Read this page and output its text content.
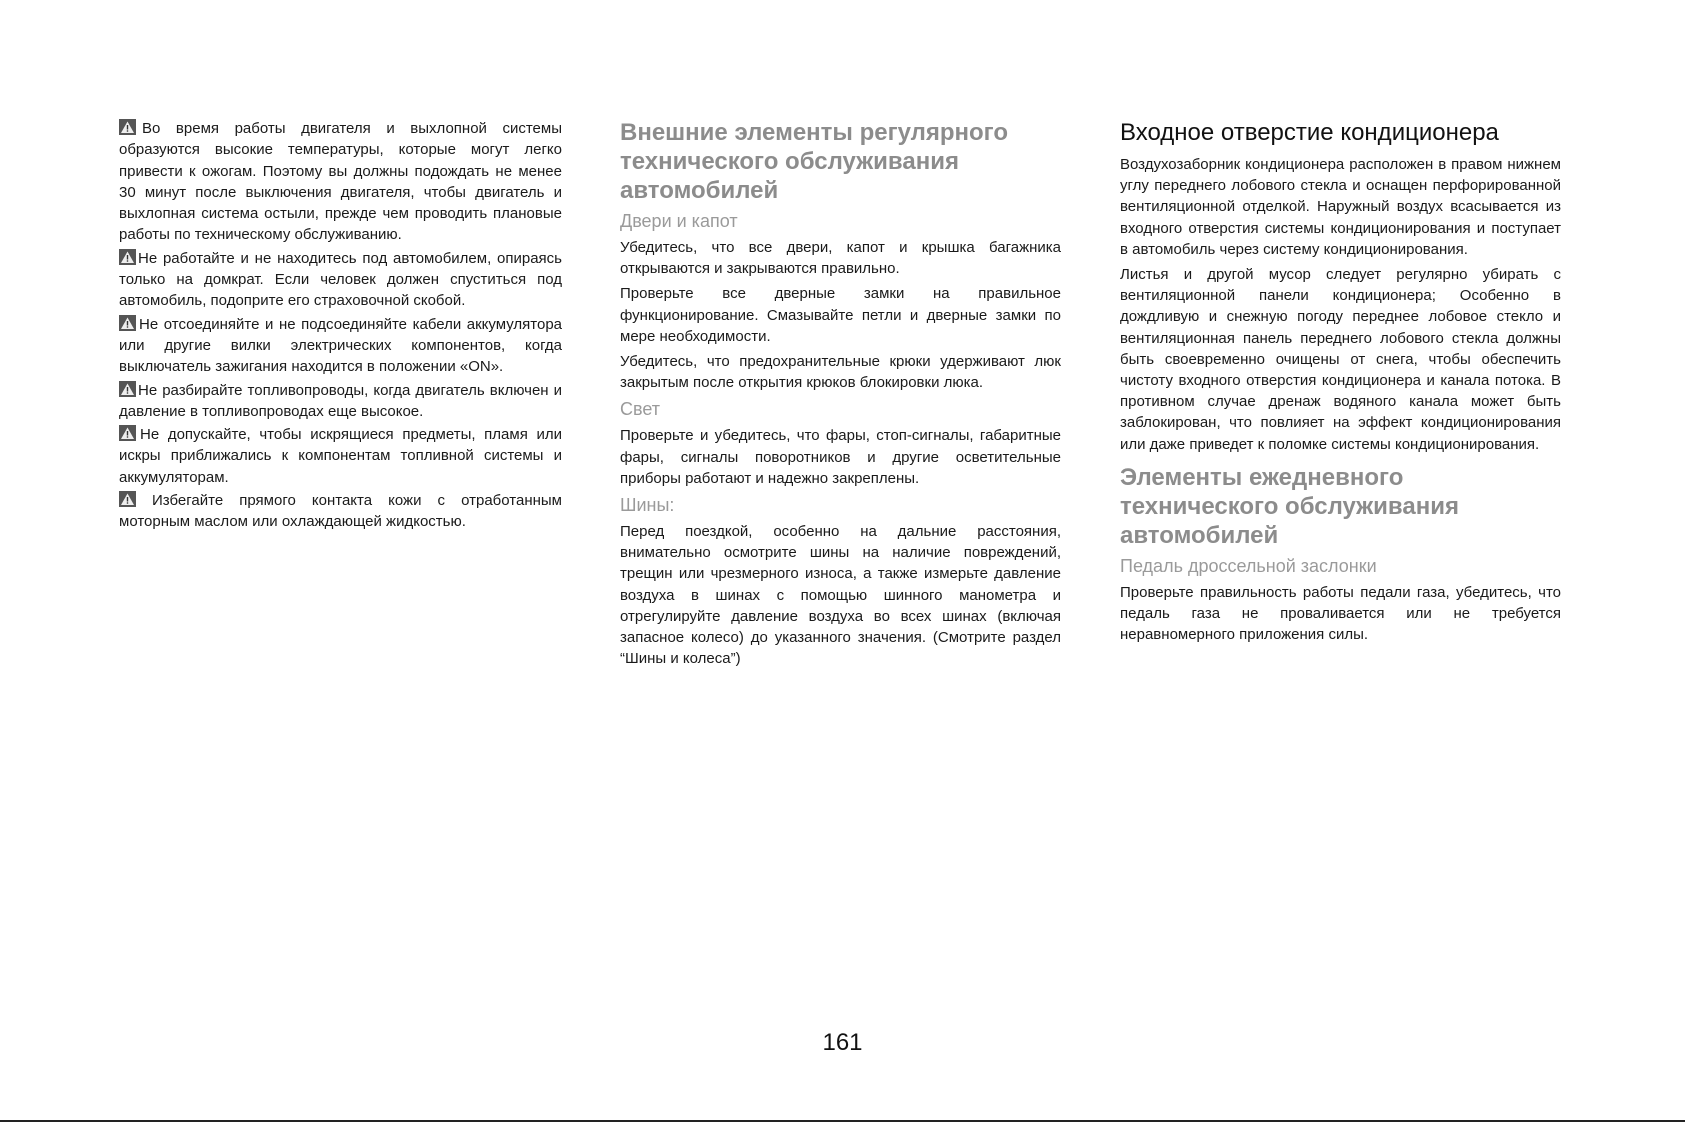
Во время работы двигателя и выхлопной системы образуются высокие температуры, которые могут легко привести к ожогам. Поэтому вы должны подождать не менее 30 минут после выключения двигателя, чтобы двигатель и выхлопная система остыли, прежде чем проводить плановые работы по техническому обслуживанию.

Не работайте и не находитесь под автомобилем, опираясь только на домкрат. Если человек должен спуститься под автомобиль, подоприте его страховочной скобой.

Не отсоединяйте и не подсоединяйте кабели аккумулятора или другие вилки электрических компонентов, когда выключатель зажигания находится в положении «ON».

Не разбирайте топливопроводы, когда двигатель включен и давление в топливопроводах еще высокое.

Не допускайте, чтобы искрящиеся предметы, пламя или искры приближались к компонентам топливной системы и аккумуляторам.

Избегайте прямого контакта кожи с отработанным моторным маслом или охлаждающей жидкостью.

Внешние элементы регулярного технического обслуживания автомобилей
Двери и капот

Убедитесь, что все двери, капот и крышка багажника открываются и закрываются правильно.

Проверьте все дверные замки на правильное функционирование. Смазывайте петли и дверные замки по мере необходимости.

Убедитесь, что предохранительные крюки удерживают люк закрытым после открытия крюков блокировки люка.

Свет

Проверьте и убедитесь, что фары, стоп-сигналы, габаритные фары, сигналы поворотников и другие осветительные приборы работают и надежно закреплены.

Шины:

Перед поездкой, особенно на дальние расстояния, внимательно осмотрите шины на наличие повреждений, трещин или чрезмерного износа, а также измерьте давление воздуха в шинах с помощью шинного манометра и отрегулируйте давление воздуха во всех шинах (включая запасное колесо) до указанного значения. (Смотрите раздел “Шины и колеса”)

Входное отверстие кондиционера

Воздухозаборник кондиционера расположен в правом нижнем углу переднего лобового стекла и оснащен перфорированной вентиляционной отделкой. Наружный воздух всасывается из входного отверстия системы кондиционирования и поступает в автомобиль через систему кондиционирования.

Листья и другой мусор следует регулярно убирать с вентиляционной панели кондиционера; Особенно в дождливую и снежную погоду переднее лобовое стекло и вентиляционная панель переднего лобового стекла должны быть своевременно очищены от снега, чтобы обеспечить чистоту входного отверстия кондиционера и канала потока. В противном случае дренаж водяного канала может быть заблокирован, что повлияет на эффект кондиционирования или даже приведет к поломке системы кондиционирования.

Элементы ежедневного технического обслуживания автомобилей
Педаль дроссельной заслонки

Проверьте правильность работы педали газа, убедитесь, что педаль газа не проваливается или не требуется неравномерного приложения силы.

161
